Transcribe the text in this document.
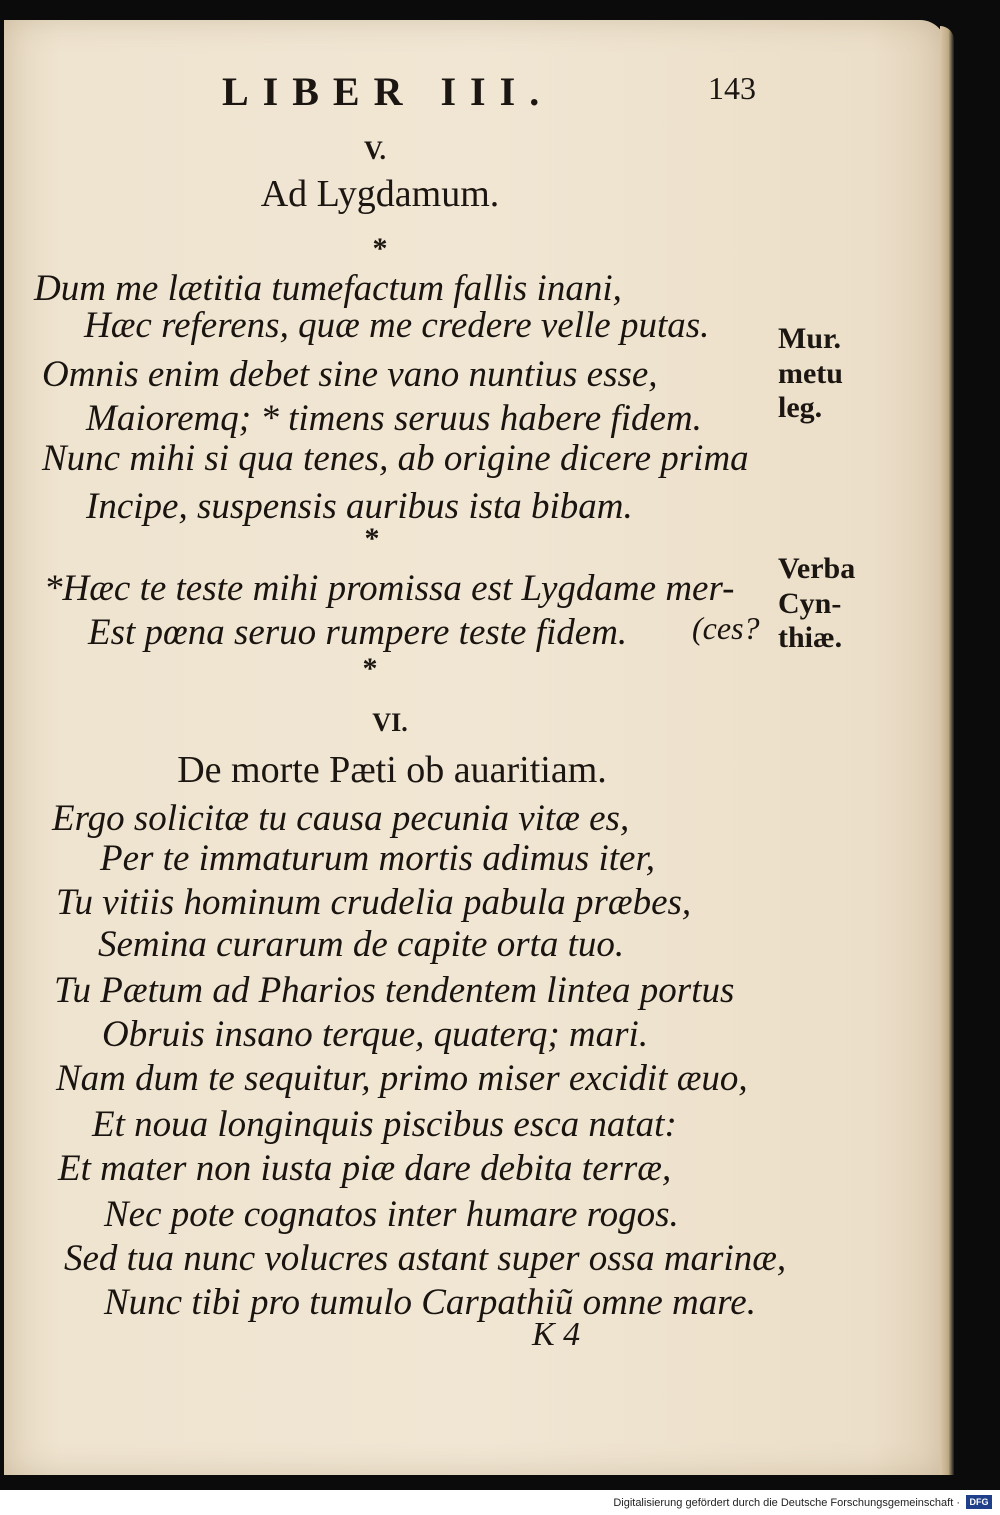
LIBER III.	143
V.
Ad Lygdamum.
*
Dum me lætitia tumefactum fallis inani,
Hæc referens, quæ me credere velle putas.
Omnis enim debet sine vano nuntius esse,
Maioremq; * timens seruus habere fidem.
Nunc mihi si qua tenes, ab origine dicere prima
Incipe, suspensis auribus ista bibam.
*
*Hæc te teste mihi promissa est Lygdame mer-
Est pœna seruo rumpere teste fidem. (ces?
*
Mur. metu leg.
Verba Cyn-thiæ.
VI.
De morte Pæti ob auaritiam.
Ergo solicitæ tu causa pecunia vitæ es,
Per te immaturum mortis adimus iter,
Tu vitiis hominum crudelia pabula præbes,
Semina curarum de capite orta tuo.
Tu Pætum ad Pharios tendentem lintea portus
Obruis insano terque, quaterq; mari.
Nam dum te sequitur, primo miser excidit æuo,
Et noua longinquis piscibus esca natat:
Et mater non iusta piæ dare debita terræ,
Nec pote cognatos inter humare rogos.
Sed tua nunc volucres astant super ossa marinæ,
Nunc tibi pro tumulo Carpathiũ omne mare.
K 4
Digitalisierung gefördert durch die Deutsche Forschungsgemeinschaft ·	DFG
